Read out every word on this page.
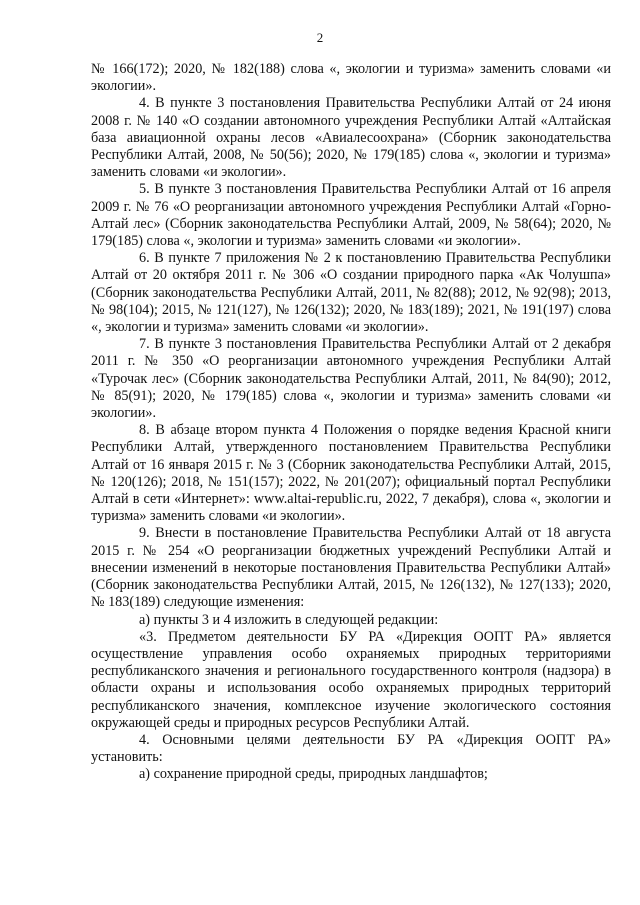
2

№ 166(172); 2020, № 182(188) слова «, экологии и туризма» заменить словами «и экологии».

4. В пункте 3 постановления Правительства Республики Алтай от 24 июня 2008 г. № 140 «О создании автономного учреждения Республики Алтай «Алтайская база авиационной охраны лесов «Авиалесоохрана» (Сборник законодательства Республики Алтай, 2008, № 50(56); 2020, № 179(185) слова «, экологии и туризма» заменить словами «и экологии».

5. В пункте 3 постановления Правительства Республики Алтай от 16 апреля 2009 г. № 76 «О реорганизации автономного учреждения Республики Алтай «Горно-Алтай лес» (Сборник законодательства Республики Алтай, 2009, № 58(64); 2020, № 179(185) слова «, экологии и туризма» заменить словами «и экологии».

6. В пункте 7 приложения № 2 к постановлению Правительства Республики Алтай от 20 октября 2011 г. № 306 «О создании природного парка «Ак Чолушпа» (Сборник законодательства Республики Алтай, 2011, № 82(88); 2012, № 92(98); 2013, № 98(104); 2015, № 121(127), № 126(132); 2020, № 183(189); 2021, № 191(197) слова «, экологии и туризма» заменить словами «и экологии».

7. В пункте 3 постановления Правительства Республики Алтай от 2 декабря 2011 г. № 350 «О реорганизации автономного учреждения Республики Алтай «Турочак лес» (Сборник законодательства Республики Алтай, 2011, № 84(90); 2012, № 85(91); 2020, № 179(185) слова «, экологии и туризма» заменить словами «и экологии».

8. В абзаце втором пункта 4 Положения о порядке ведения Красной книги Республики Алтай, утвержденного постановлением Правительства Республики Алтай от 16 января 2015 г. № 3 (Сборник законодательства Республики Алтай, 2015, № 120(126); 2018, № 151(157); 2022, № 201(207); официальный портал Республики Алтай в сети «Интернет»: www.altai-republic.ru, 2022, 7 декабря), слова «, экологии и туризма» заменить словами «и экологии».

9. Внести в постановление Правительства Республики Алтай от 18 августа 2015 г. № 254 «О реорганизации бюджетных учреждений Республики Алтай и внесении изменений в некоторые постановления Правительства Республики Алтай» (Сборник законодательства Республики Алтай, 2015, № 126(132), № 127(133); 2020, № 183(189) следующие изменения:

а) пункты 3 и 4 изложить в следующей редакции:

«3. Предметом деятельности БУ РА «Дирекция ООПТ РА» является осуществление управления особо охраняемых природных территориями республиканского значения и регионального государственного контроля (надзора) в области охраны и использования особо охраняемых природных территорий республиканского значения, комплексное изучение экологического состояния окружающей среды и природных ресурсов Республики Алтай.

4. Основными целями деятельности БУ РА «Дирекция ООПТ РА» установить:

а) сохранение природной среды, природных ландшафтов;
